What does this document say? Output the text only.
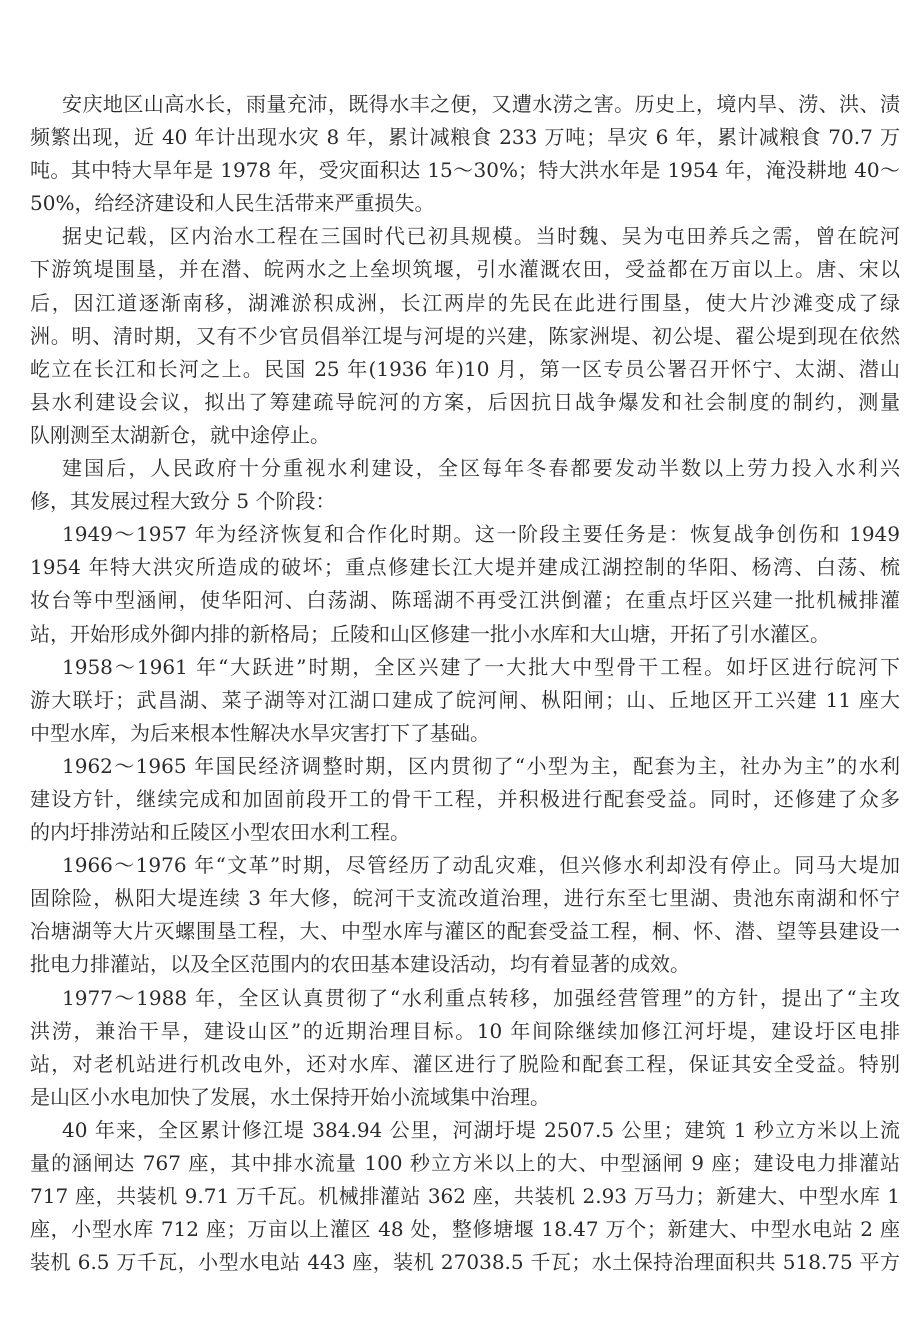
安庆地区山高水长，雨量充沛，既得水丰之便，又遭水涝之害。历史上，境内旱、涝、洪、渍
频繁出现，近 40 年计出现水灾 8 年，累计减粮食 233 万吨；旱灾 6 年，累计减粮食 70.7 万
吨。其中特大旱年是 1978 年，受灾面积达 15～30%；特大洪水年是 1954 年，淹没耕地 40～
50%，给经济建设和人民生活带来严重损失。
据史记载，区内治水工程在三国时代已初具规模。当时魏、吴为屯田养兵之需，曾在皖河
下游筑堤围垦，并在潜、皖两水之上垒坝筑堰，引水灌溉农田，受益都在万亩以上。唐、宋以
后，因江道逐渐南移，湖滩淤积成洲，长江两岸的先民在此进行围垦，使大片沙滩变成了绿
洲。明、清时期，又有不少官员倡举江堤与河堤的兴建，陈家洲堤、初公堤、翟公堤到现在依然
屹立在长江和长河之上。民国 25 年(1936 年)10 月，第一区专员公署召开怀宁、太湖、潜山
县水利建设会议，拟出了筹建疏导皖河的方案，后因抗日战争爆发和社会制度的制约，测量
队刚测至太湖新仓，就中途停止。
建国后，人民政府十分重视水利建设，全区每年冬春都要发动半数以上劳力投入水利兴
修，其发展过程大致分 5 个阶段：
1949～1957 年为经济恢复和合作化时期。这一阶段主要任务是：恢复战争创伤和 1949
1954 年特大洪灾所造成的破坏；重点修建长江大堤并建成江湖控制的华阳、杨湾、白荡、梳
妆台等中型涵闸，使华阳河、白荡湖、陈瑶湖不再受江洪倒灌；在重点圩区兴建一批机械排灌
站，开始形成外御内排的新格局；丘陵和山区修建一批小水库和大山塘，开拓了引水灌区。
1958～1961 年“大跃进”时期，全区兴建了一大批大中型骨干工程。如圩区进行皖河下
游大联圩；武昌湖、菜子湖等对江湖口建成了皖河闸、枞阳闸；山、丘地区开工兴建 11 座大
中型水库，为后来根本性解决水旱灾害打下了基础。
1962～1965 年国民经济调整时期，区内贯彻了“小型为主，配套为主，社办为主”的水利
建设方针，继续完成和加固前段开工的骨干工程，并积极进行配套受益。同时，还修建了众多
的内圩排涝站和丘陵区小型农田水利工程。
1966～1976 年“文革”时期，尽管经历了动乱灾难，但兴修水利却没有停止。同马大堤加
固除险，枞阳大堤连续 3 年大修，皖河干支流改道治理，进行东至七里湖、贵池东南湖和怀宁
冶塘湖等大片灭螺围垦工程，大、中型水库与灌区的配套受益工程，桐、怀、潜、望等县建设一
批电力排灌站，以及全区范围内的农田基本建设活动，均有着显著的成效。
1977～1988 年，全区认真贯彻了“水利重点转移，加强经营管理”的方针，提出了“主攻
洪涝，兼治干旱，建设山区”的近期治理目标。10 年间除继续加修江河圩堤，建设圩区电排
站，对老机站进行机改电外，还对水库、灌区进行了脱险和配套工程，保证其安全受益。特别
是山区小水电加快了发展，水土保持开始小流域集中治理。
40 年来，全区累计修江堤 384.94 公里，河湖圩堤 2507.5 公里；建筑 1 秒立方米以上流
量的涵闸达 767 座，其中排水流量 100 秒立方米以上的大、中型涵闸 9 座；建设电力排灌站
717 座，共装机 9.71 万千瓦。机械排灌站 362 座，共装机 2.93 万马力；新建大、中型水库 1
座，小型水库 712 座；万亩以上灌区 48 处，整修塘堰 18.47 万个；新建大、中型水电站 2 座
装机 6.5 万千瓦，小型水电站 443 座，装机 27038.5 千瓦；水土保持治理面积共 518.75 平方
